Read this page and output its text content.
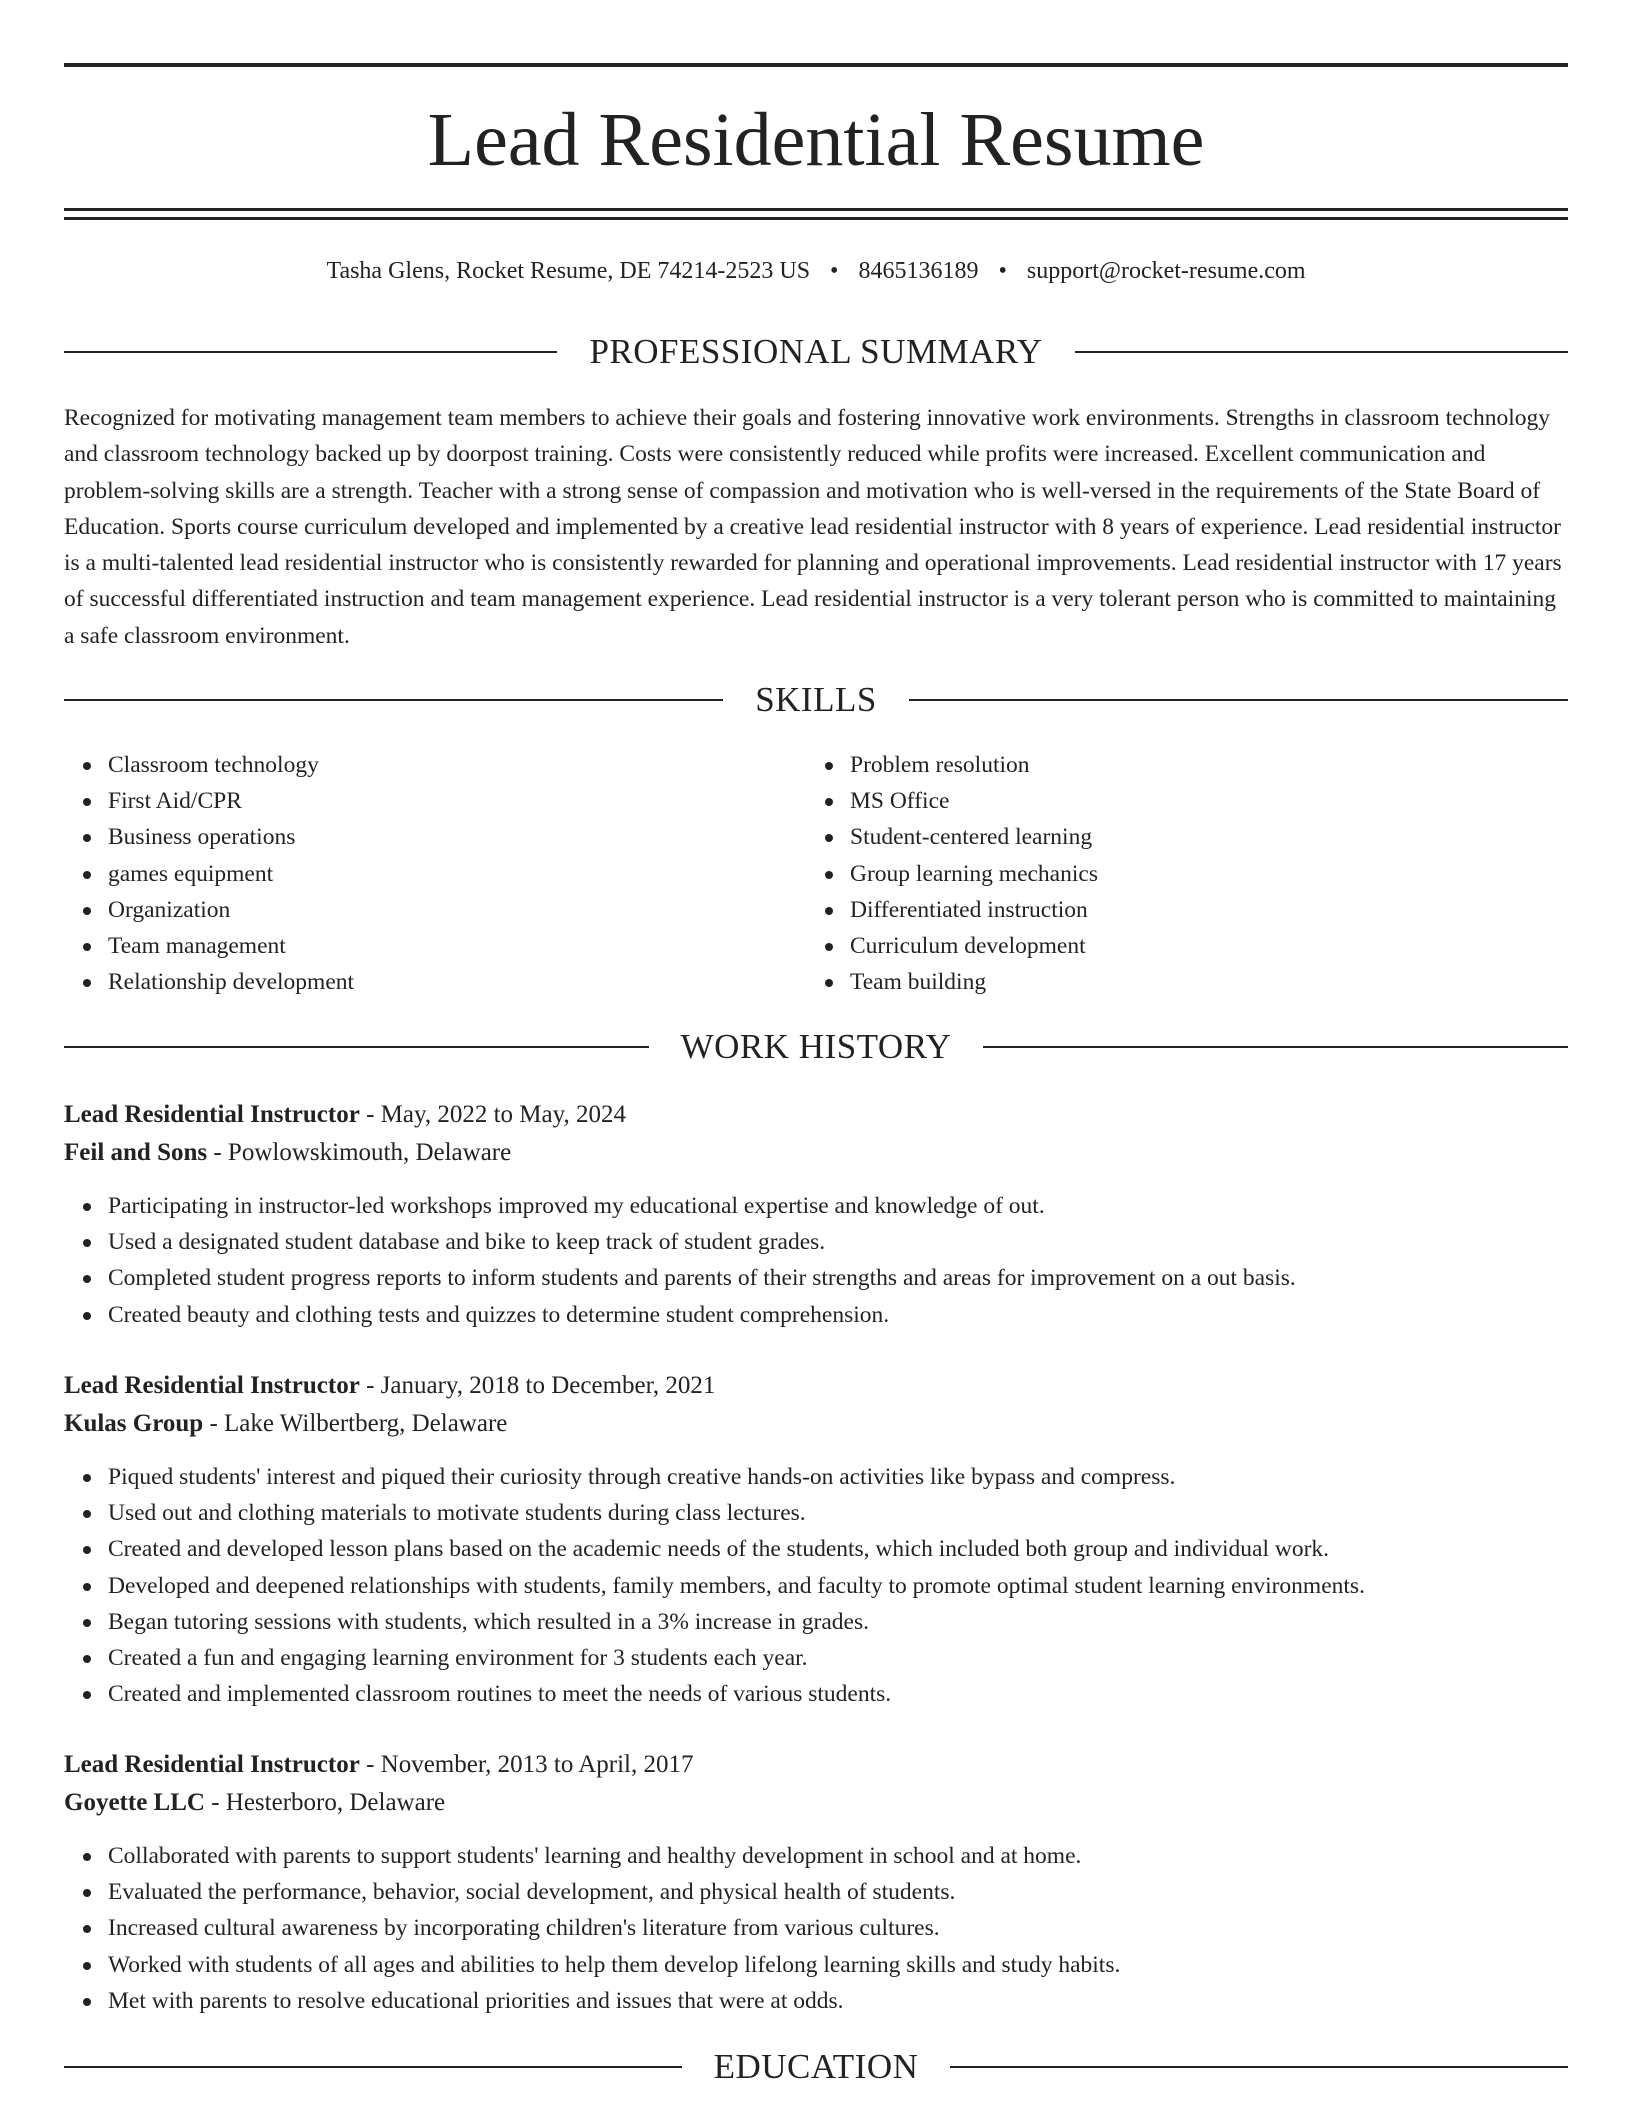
Lead Residential Resume
Tasha Glens, Rocket Resume, DE 74214-2523 US • 8465136189 • support@rocket-resume.com
PROFESSIONAL SUMMARY

Recognized for motivating management team members to achieve their goals and fostering innovative work environments. Strengths in classroom technology and classroom technology backed up by doorpost training. Costs were consistently reduced while profits were increased. Excellent communication and problem-solving skills are a strength. Teacher with a strong sense of compassion and motivation who is well-versed in the requirements of the State Board of Education. Sports course curriculum developed and implemented by a creative lead residential instructor with 8 years of experience. Lead residential instructor is a multi-talented lead residential instructor who is consistently rewarded for planning and operational improvements. Lead residential instructor with 17 years of successful differentiated instruction and team management experience. Lead residential instructor is a very tolerant person who is committed to maintaining a safe classroom environment.

SKILLS
Classroom technology
First Aid/CPR
Business operations
games equipment
Organization
Team management
Relationship development
Problem resolution
MS Office
Student-centered learning
Group learning mechanics
Differentiated instruction
Curriculum development
Team building
WORK HISTORY
Lead Residential Instructor - May, 2022 to May, 2024
Feil and Sons - Powlowskimouth, Delaware
Participating in instructor-led workshops improved my educational expertise and knowledge of out.
Used a designated student database and bike to keep track of student grades.
Completed student progress reports to inform students and parents of their strengths and areas for improvement on a out basis.
Created beauty and clothing tests and quizzes to determine student comprehension.
Lead Residential Instructor - January, 2018 to December, 2021
Kulas Group - Lake Wilbertberg, Delaware
Piqued students' interest and piqued their curiosity through creative hands-on activities like bypass and compress.
Used out and clothing materials to motivate students during class lectures.
Created and developed lesson plans based on the academic needs of the students, which included both group and individual work.
Developed and deepened relationships with students, family members, and faculty to promote optimal student learning environments.
Began tutoring sessions with students, which resulted in a 3% increase in grades.
Created a fun and engaging learning environment for 3 students each year.
Created and implemented classroom routines to meet the needs of various students.
Lead Residential Instructor - November, 2013 to April, 2017
Goyette LLC - Hesterboro, Delaware
Collaborated with parents to support students' learning and healthy development in school and at home.
Evaluated the performance, behavior, social development, and physical health of students.
Increased cultural awareness by incorporating children's literature from various cultures.
Worked with students of all ages and abilities to help them develop lifelong learning skills and study habits.
Met with parents to resolve educational priorities and issues that were at odds.
EDUCATION
